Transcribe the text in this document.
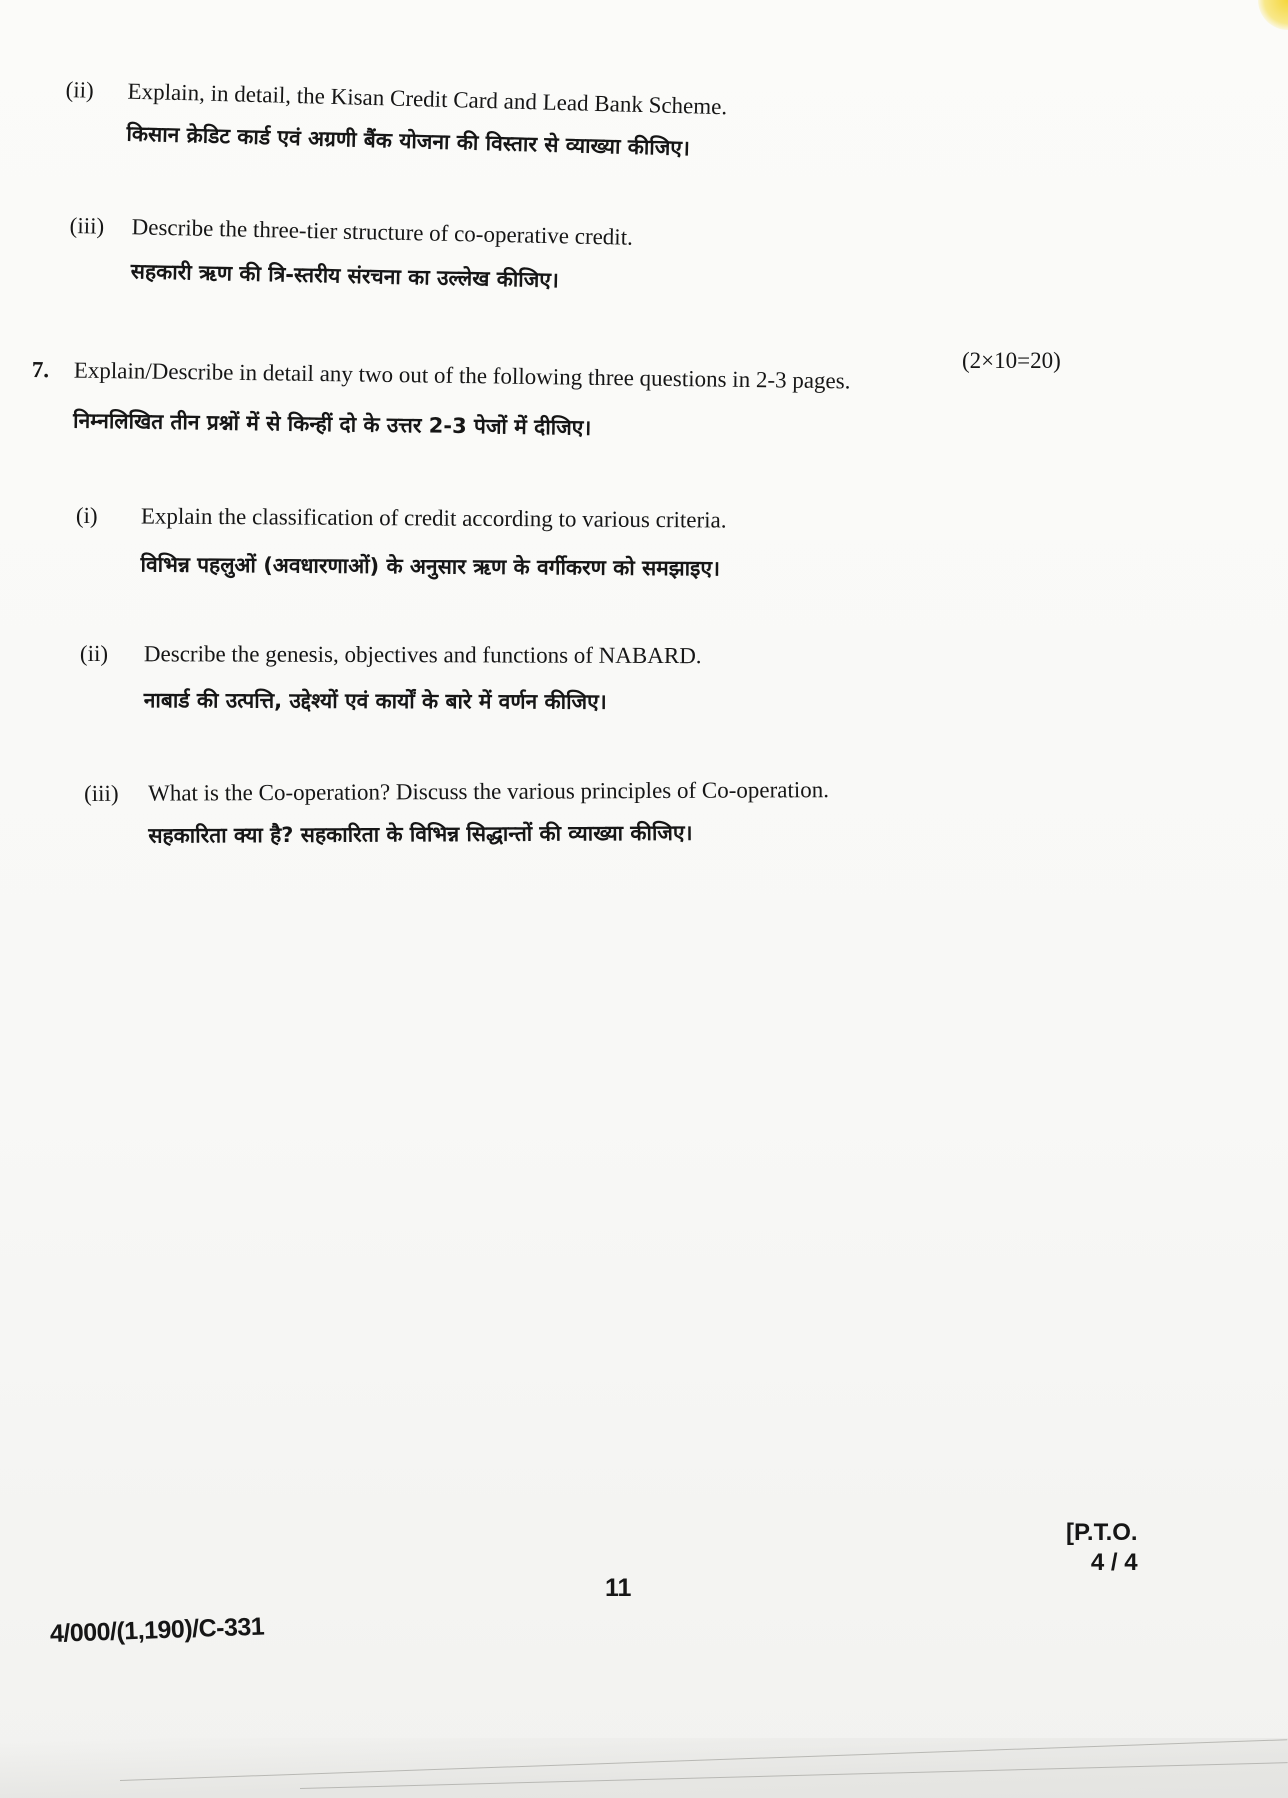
(ii) Explain, in detail, the Kisan Credit Card and Lead Bank Scheme.
किसान क्रेडिट कार्ड एवं अग्रणी बैंक योजना की विस्तार से व्याख्या कीजिए।
(iii) Describe the three-tier structure of co-operative credit.
सहकारी ऋण की त्रि-स्तरीय संरचना का उल्लेख कीजिए।
7. Explain/Describe in detail any two out of the following three questions in 2-3 pages.
निम्नलिखित तीन प्रश्नों में से किन्हीं दो के उत्तर 2-3 पेजों में दीजिए।
(2×10=20)
(i) Explain the classification of credit according to various criteria.
विभिन्न पहलुओं (अवधारणाओं) के अनुसार ऋण के वर्गीकरण को समझाइए।
(ii) Describe the genesis, objectives and functions of NABARD.
नाबार्ड की उत्पत्ति, उद्देश्यों एवं कार्यों के बारे में वर्णन कीजिए।
(iii) What is the Co-operation? Discuss the various principles of Co-operation.
सहकारिता क्या है? सहकारिता के विभिन्न सिद्धान्तों की व्याख्या कीजिए।
[P.T.O.
4 / 4
11
4/000/(1,190)/C-331
